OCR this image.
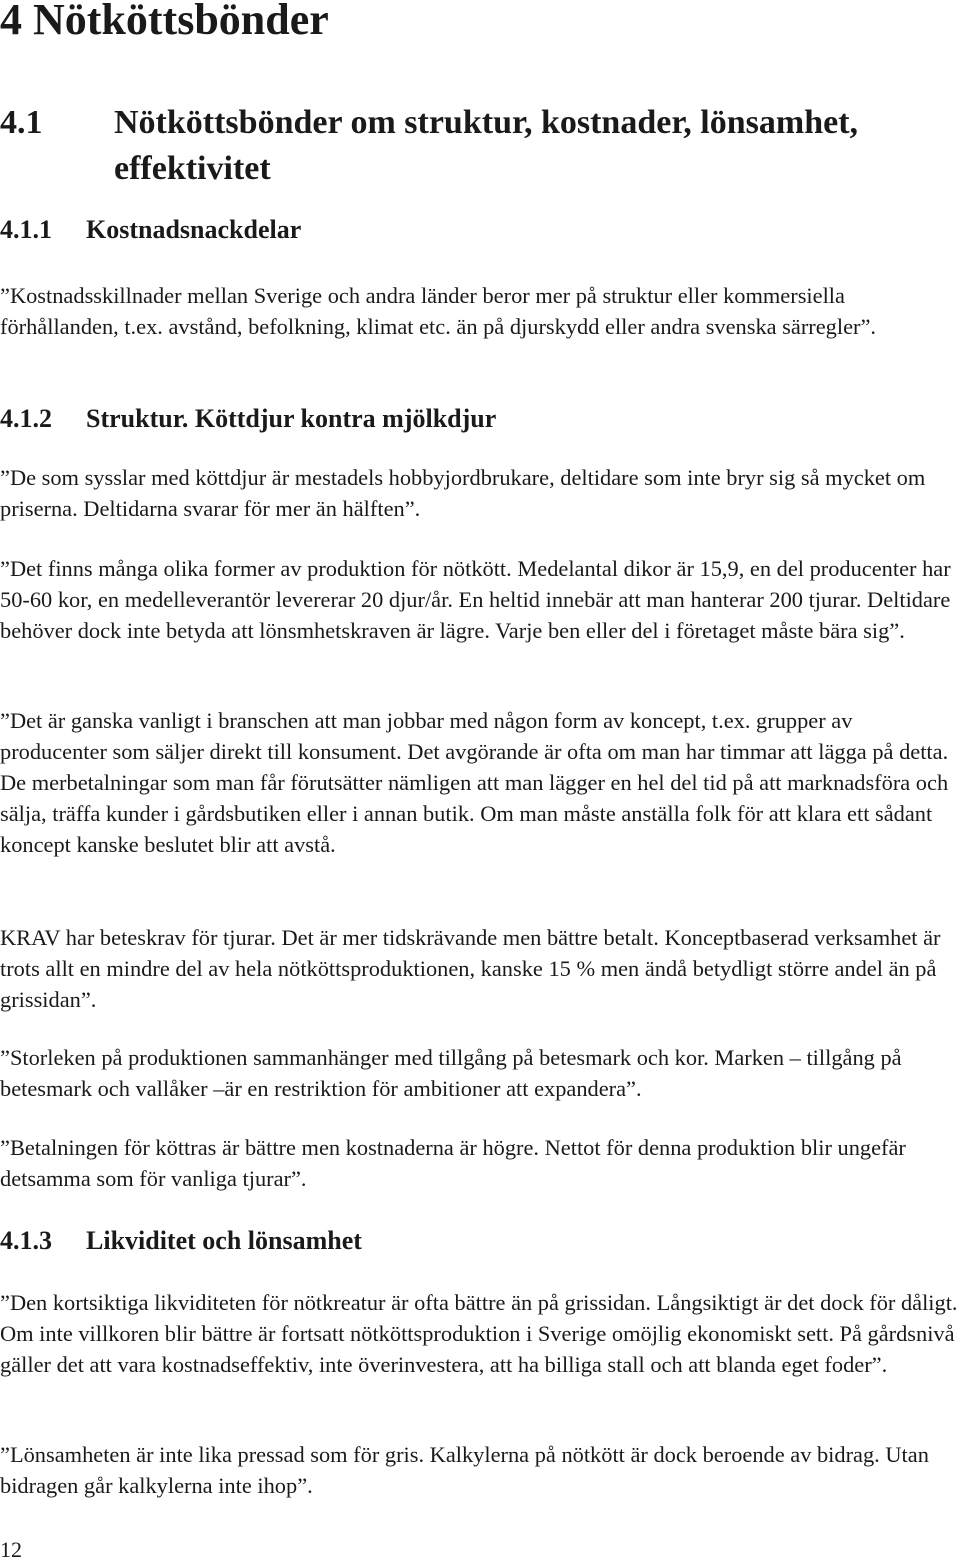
4 Nötköttsbönder
4.1 Nötköttsbönder om struktur, kostnader, lönsamhet, effektivitet
4.1.1 Kostnadsnackdelar

”Kostnadsskillnader mellan Sverige och andra länder beror mer på struktur eller kommersiella förhållanden, t.ex. avstånd, befolkning, klimat etc. än på djurskydd eller andra svenska särregler”.

4.1.2 Struktur. Köttdjur kontra mjölkdjur

”De som sysslar med köttdjur är mestadels hobbyjordbrukare, deltidare som inte bryr sig så mycket om priserna. Deltidarna svarar för mer än hälften”.

”Det finns många olika former av produktion för nötkött. Medelantal dikor är 15,9, en del producenter har 50-60 kor, en medelleverantör levererar 20 djur/år. En heltid innebär att man hanterar 200 tjurar. Deltidare behöver dock inte betyda att lönsmhetskraven är lägre. Varje ben eller del i företaget måste bära sig”.

”Det är ganska vanligt i branschen att man jobbar med någon form av koncept, t.ex. grupper av producenter som säljer direkt till konsument. Det avgörande är ofta om man har timmar att lägga på detta. De merbetalningar som man får förutsätter nämligen att man lägger en hel del tid på att marknadsföra och sälja, träffa kunder i gårdsbutiken eller i annan butik. Om man måste anställa folk för att klara ett sådant koncept kanske beslutet blir att avstå.

KRAV har beteskrav för tjurar. Det är mer tidskrävande men bättre betalt. Konceptbaserad verksamhet är trots allt en mindre del av hela nötköttsproduktionen, kanske 15 % men ändå betydligt större andel än på grissidan”.

”Storleken på produktionen sammanhänger med tillgång på betesmark och kor. Marken – tillgång på betesmark och vallåker –är en restriktion för ambitioner att expandera”.

”Betalningen för köttras är bättre men kostnaderna är högre. Nettot för denna produktion blir ungefär detsamma som för vanliga tjurar”.

4.1.3 Likviditet och lönsamhet

”Den kortsiktiga likviditeten för nötkreatur är ofta bättre än på grissidan. Långsiktigt är det dock för dåligt. Om inte villkoren blir bättre är fortsatt nötköttsproduktion i Sverige omöjlig ekonomiskt sett. På gårdsnivå gäller det att vara kostnadseffektiv, inte överinvestera, att ha billiga stall och att blanda eget foder”.

”Lönsamheten är inte lika pressad som för gris. Kalkylerna på nötkött är dock beroende av bidrag. Utan bidragen går kalkylerna inte ihop”.

12
